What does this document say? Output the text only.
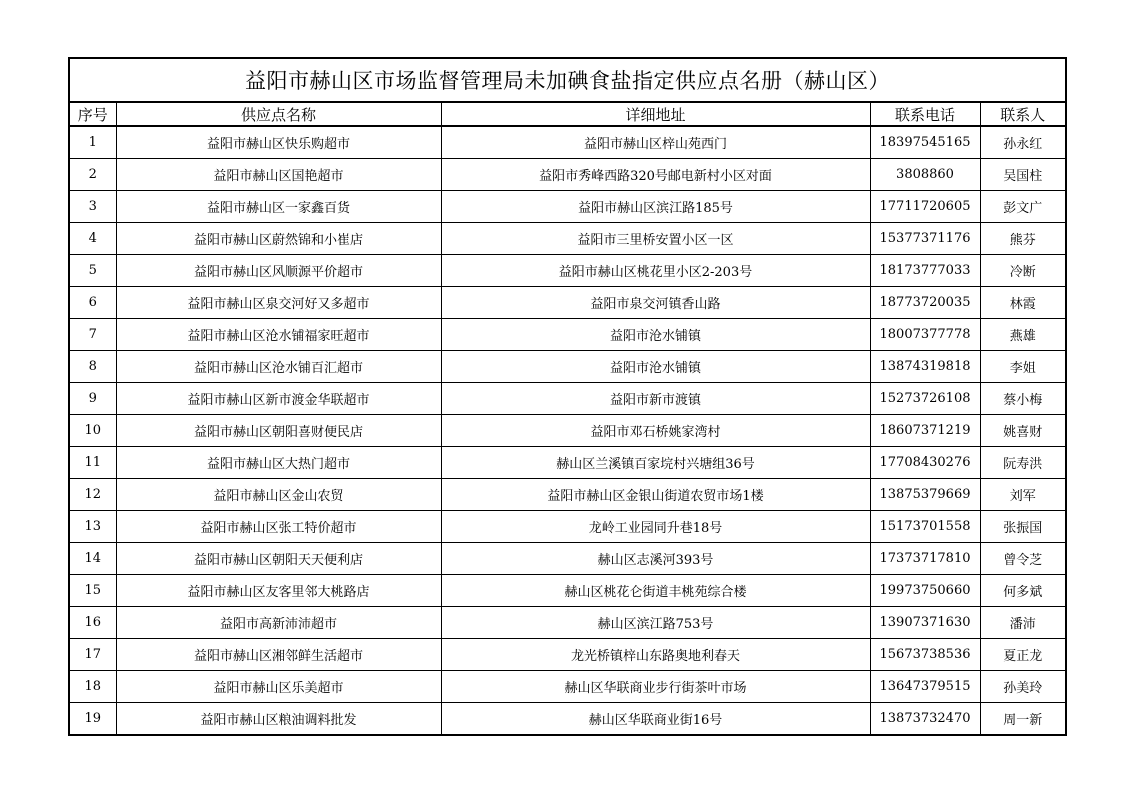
益阳市赫山区市场监督管理局未加碘食盐指定供应点名册（赫山区）				
序号	供应点名称	详细地址	联系电话	联系人
1	益阳市赫山区快乐购超市	益阳市赫山区梓山苑西门	18397545165	孙永红
2	益阳市赫山区国艳超市	益阳市秀峰西路320号邮电新村小区对面	3808860	吴国柱
3	益阳市赫山区一家鑫百货	益阳市赫山区滨江路185号	17711720605	彭文广
4	益阳市赫山区蔚然锦和小崔店	益阳市三里桥安置小区一区	15377371176	熊芬
5	益阳市赫山区风顺源平价超市	益阳市赫山区桃花里小区2-203号	18173777033	冷断
6	益阳市赫山区泉交河好又多超市	益阳市泉交河镇香山路	18773720035	林霞
7	益阳市赫山区沧水铺福家旺超市	益阳市沧水铺镇	18007377778	燕雄
8	益阳市赫山区沧水铺百汇超市	益阳市沧水铺镇	13874319818	李姐
9	益阳市赫山区新市渡金华联超市	益阳市新市渡镇	15273726108	蔡小梅
10	益阳市赫山区朝阳喜财便民店	益阳市邓石桥姚家湾村	18607371219	姚喜财
11	益阳市赫山区大热门超市	赫山区兰溪镇百家垸村兴塘组36号	17708430276	阮寿洪
12	益阳市赫山区金山农贸	益阳市赫山区金银山街道农贸市场1楼	13875379669	刘军
13	益阳市赫山区张工特价超市	龙岭工业园同升巷18号	15173701558	张振国
14	益阳市赫山区朝阳天天便利店	赫山区志溪河393号	17373717810	曾令芝
15	益阳市赫山区友客里邻大桃路店	赫山区桃花仑街道丰桃苑综合楼	19973750660	何多斌
16	益阳市高新沛沛超市	赫山区滨江路753号	13907371630	潘沛
17	益阳市赫山区湘邻鲜生活超市	龙光桥镇梓山东路奥地利春天	15673738536	夏正龙
18	益阳市赫山区乐美超市	赫山区华联商业步行街茶叶市场	13647379515	孙美玲
19	益阳市赫山区粮油调料批发	赫山区华联商业街16号	13873732470	周一新
